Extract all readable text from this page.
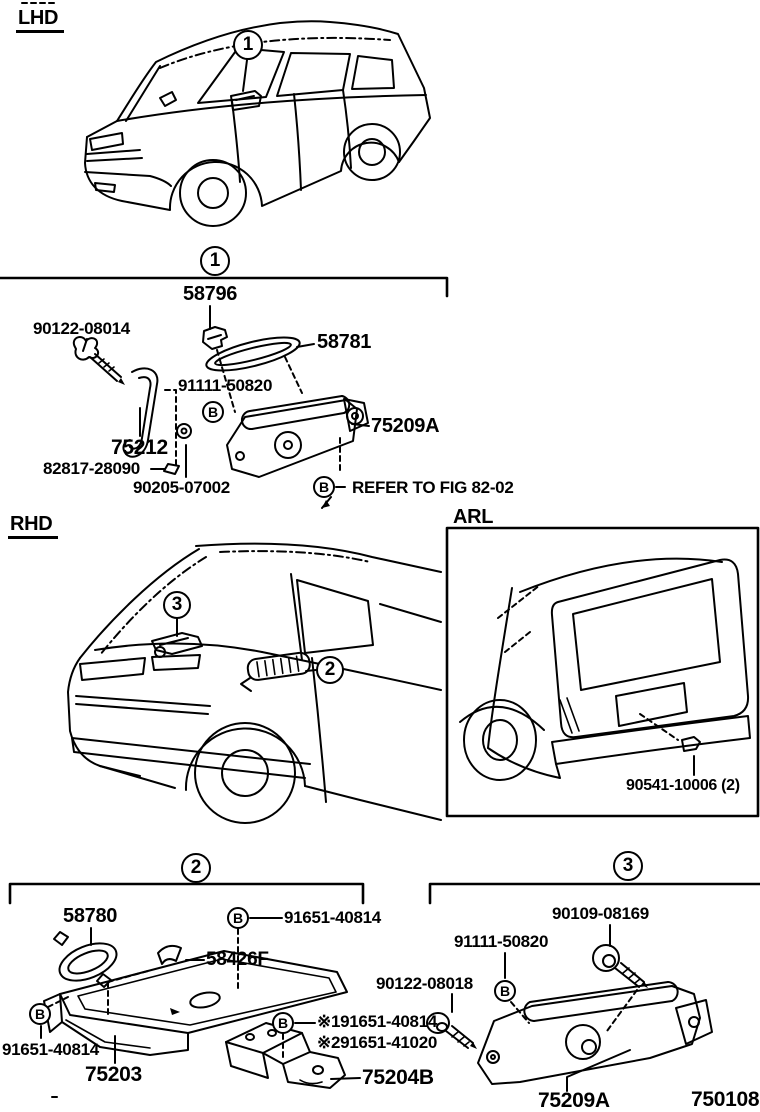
LHD
RHD	ARL
1
1
3
2
2	3
B
B
B
B
B
B
58796
90122-08014
58781
91111-50820
75212
82817-28090
90205-07002
75209A
REFER TO FIG 82-02
90541-10006 (2)
58780	91651-40814
58426F
91651-40814
75203
※191651-40814
※291651-41020
75204B
90109-08169
91111-50820
90122-08018
75209A	750108
